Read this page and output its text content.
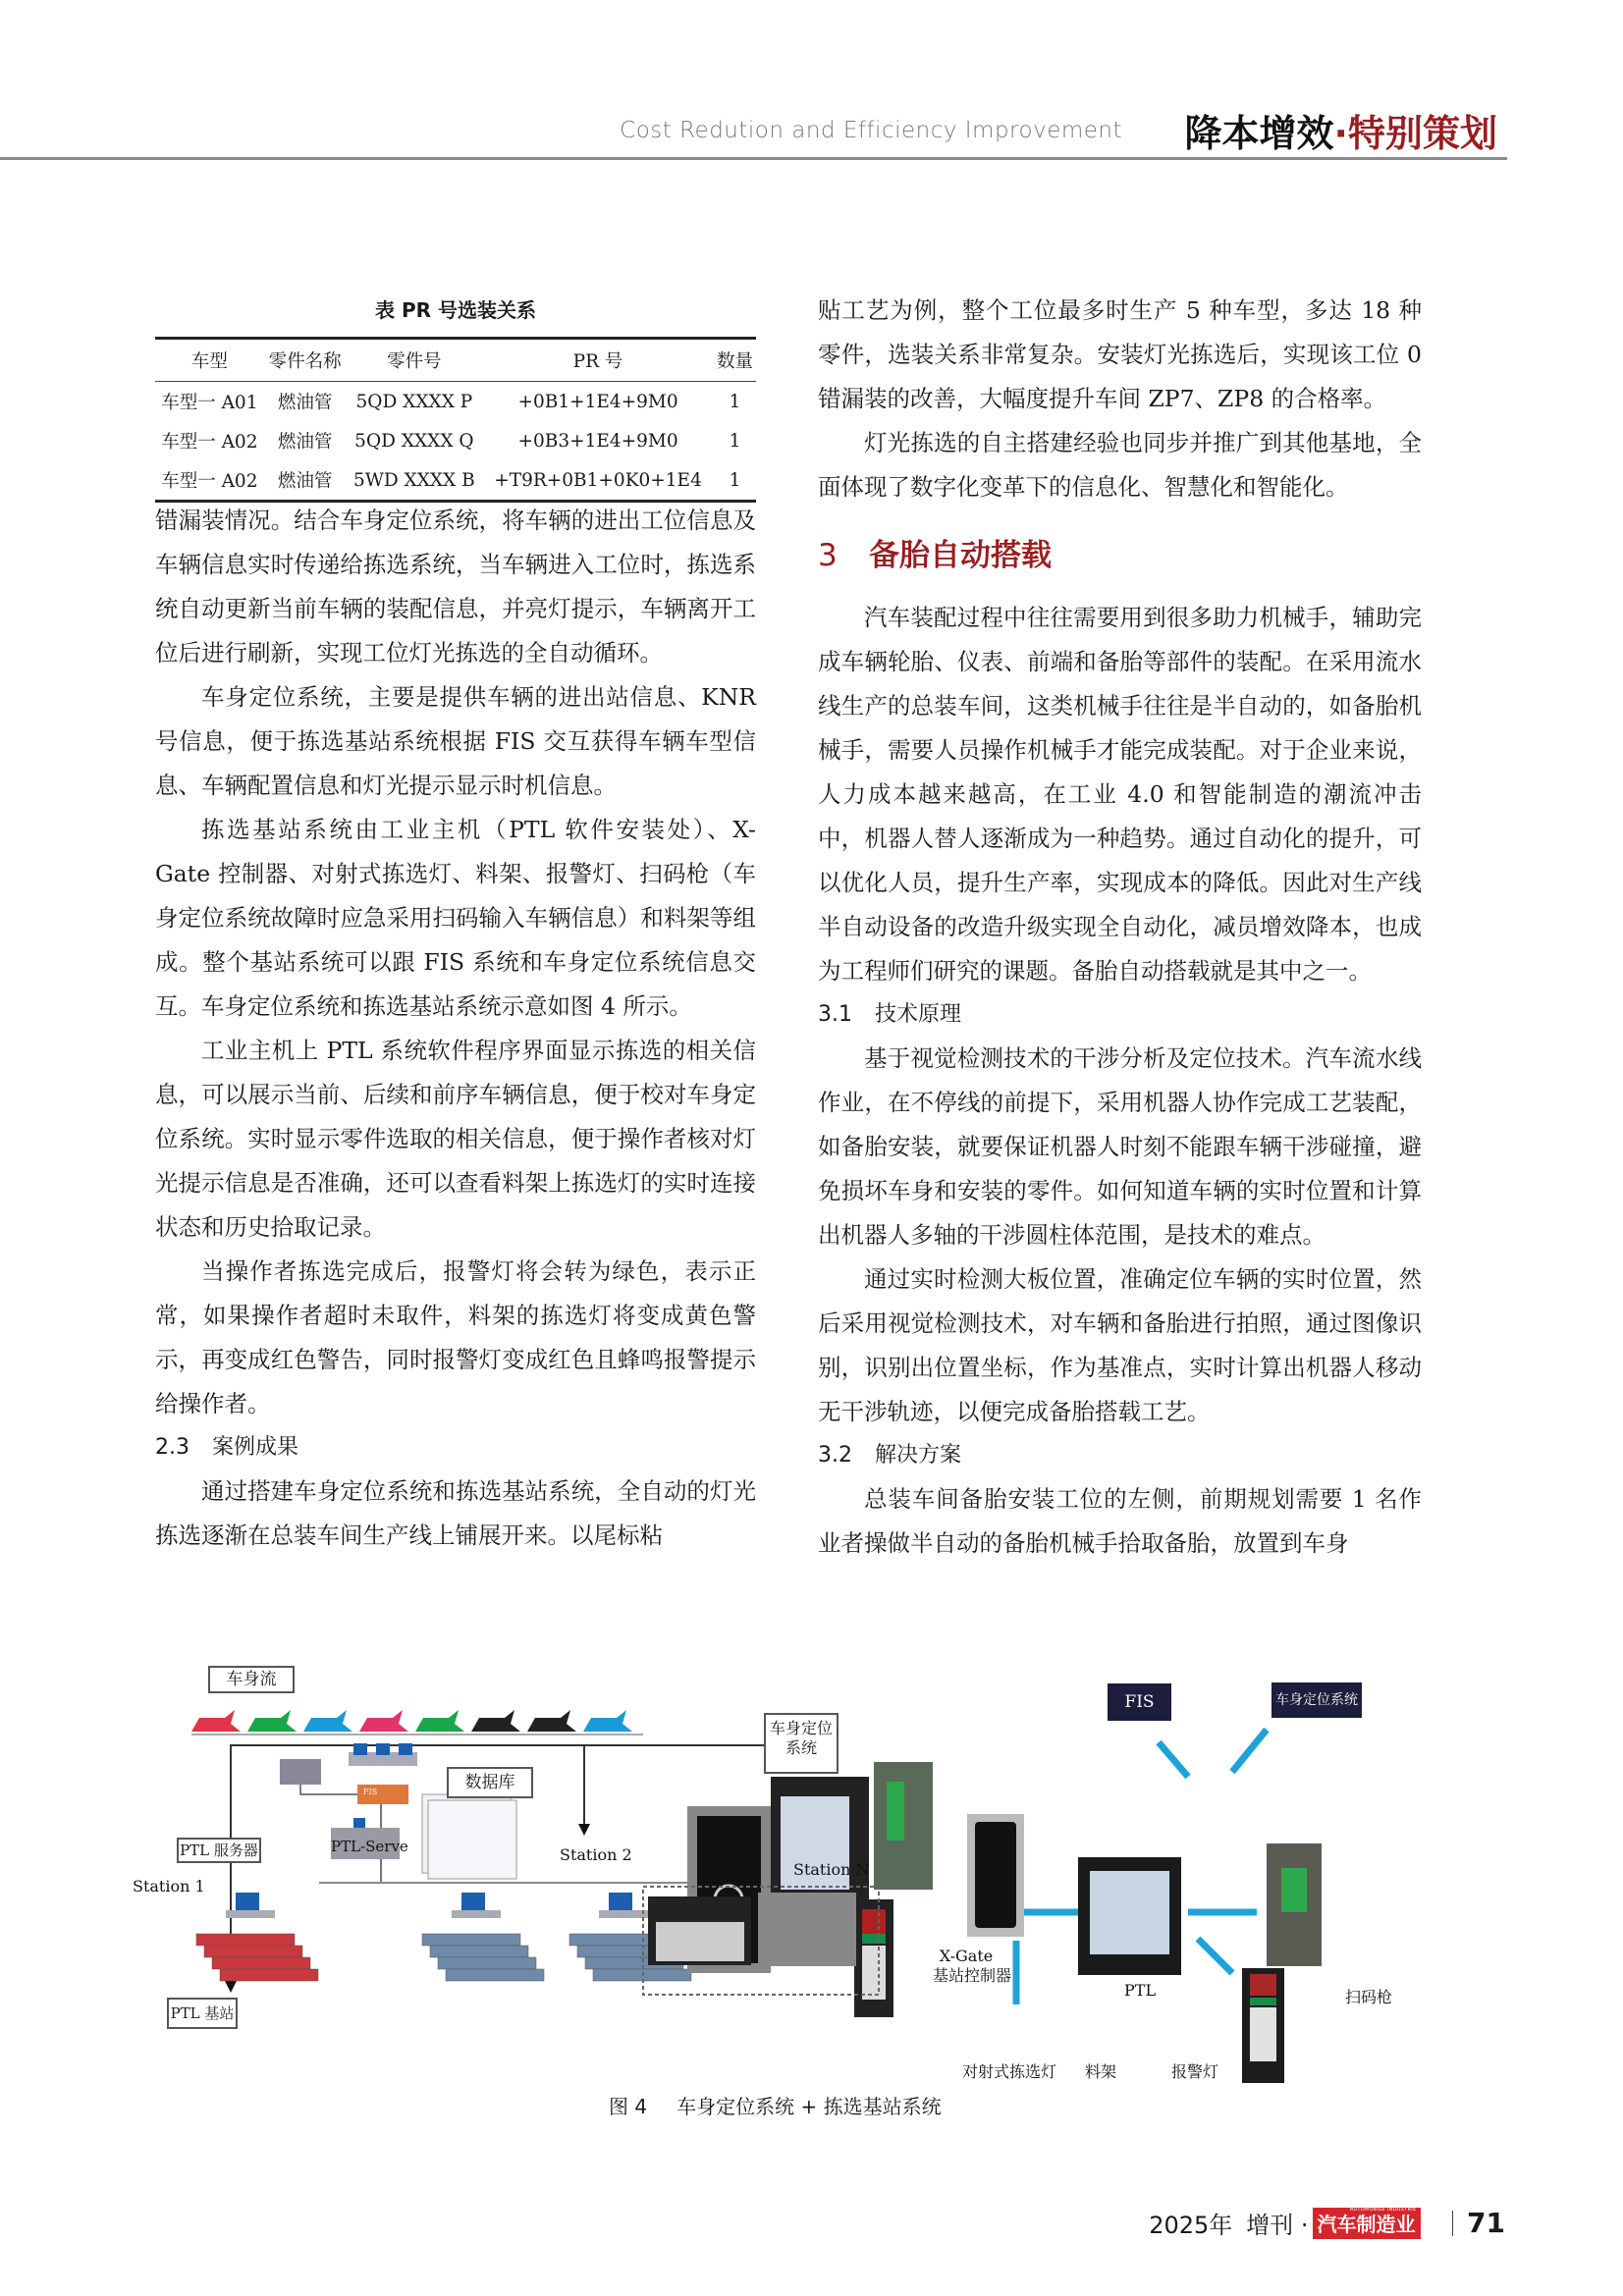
Cost Redution and Efficiency Improvement 降本增效·特别策划
表 PR 号选装关系
车型	零件名称	零件号	PR 号	数量
车型一 A01	燃油管	5QD XXXX P	+0B1+1E4+9M0	1
车型一 A02	燃油管	5QD XXXX Q	+0B3+1E4+9M0	1
车型一 A02	燃油管	5WD XXXX B	+T9R+0B1+0K0+1E4	1

错漏装情况。结合车身定位系统，将车辆的进出工位信息及车辆信息实时传递给拣选系统，当车辆进入工位时，拣选系统自动更新当前车辆的装配信息，并亮灯提示，车辆离开工位后进行刷新，实现工位灯光拣选的全自动循环。

车身定位系统，主要是提供车辆的进出站信息、KNR 号信息，便于拣选基站系统根据 FIS 交互获得车辆车型信息、车辆配置信息和灯光提示显示时机信息。

拣选基站系统由工业主机（PTL 软件安装处）、X-Gate 控制器、对射式拣选灯、料架、报警灯、扫码枪（车身定位系统故障时应急采用扫码输入车辆信息）和料架等组成。整个基站系统可以跟 FIS 系统和车身定位系统信息交互。车身定位系统和拣选基站系统示意如图 4 所示。

工业主机上 PTL 系统软件程序界面显示拣选的相关信息，可以展示当前、后续和前序车辆信息，便于校对车身定位系统。实时显示零件选取的相关信息，便于操作者核对灯光提示信息是否准确，还可以查看料架上拣选灯的实时连接状态和历史拾取记录。

当操作者拣选完成后，报警灯将会转为绿色，表示正常，如果操作者超时未取件，料架的拣选灯将变成黄色警示，再变成红色警告，同时报警灯变成红色且蜂鸣报警提示给操作者。

2.3 案例成果

通过搭建车身定位系统和拣选基站系统，全自动的灯光拣选逐渐在总装车间生产线上铺展开来。以尾标粘

贴工艺为例，整个工位最多时生产 5 种车型，多达 18 种零件，选装关系非常复杂。安装灯光拣选后，实现该工位 0 错漏装的改善，大幅度提升车间 ZP7、ZP8 的合格率。

灯光拣选的自主搭建经验也同步并推广到其他基地，全面体现了数字化变革下的信息化、智慧化和智能化。

3 备胎自动搭载

汽车装配过程中往往需要用到很多助力机械手，辅助完成车辆轮胎、仪表、前端和备胎等部件的装配。在采用流水线生产的总装车间，这类机械手往往是半自动的，如备胎机械手，需要人员操作机械手才能完成装配。对于企业来说，人力成本越来越高，在工业 4.0 和智能制造的潮流冲击中，机器人替人逐渐成为一种趋势。通过自动化的提升，可以优化人员，提升生产率，实现成本的降低。因此对生产线半自动设备的改造升级实现全自动化，减员增效降本，也成为工程师们研究的课题。备胎自动搭载就是其中之一。

3.1 技术原理

基于视觉检测技术的干涉分析及定位技术。汽车流水线作业，在不停线的前提下，采用机器人协作完成工艺装配，如备胎安装，就要保证机器人时刻不能跟车辆干涉碰撞，避免损坏车身和安装的零件。如何知道车辆的实时位置和计算出机器人多轴的干涉圆柱体范围，是技术的难点。

通过实时检测大板位置，准确定位车辆的实时位置，然后采用视觉检测技术，对车辆和备胎进行拍照，通过图像识别，识别出位置坐标，作为基准点，实时计算出机器人移动无干涉轨迹，以便完成备胎搭载工艺。

3.2 解决方案

总装车间备胎安装工位的左侧，前期规划需要 1 名作业者操做半自动的备胎机械手拾取备胎，放置到车身

车身流
数据库
PTL 服务器	PTL-Serve
Station 1
Station 2
Station N
车身定位系统
PTL 基站
FIS
FIS	车身定位系统
X-Gate
基站控制器
PTL	扫码枪
对射式拣选灯 料架	报警灯
图 4 车身定位系统 + 拣选基站系统
2025年 增刊 ·
AUTOMOBILE INDUSTRIE
汽车制造业 71
